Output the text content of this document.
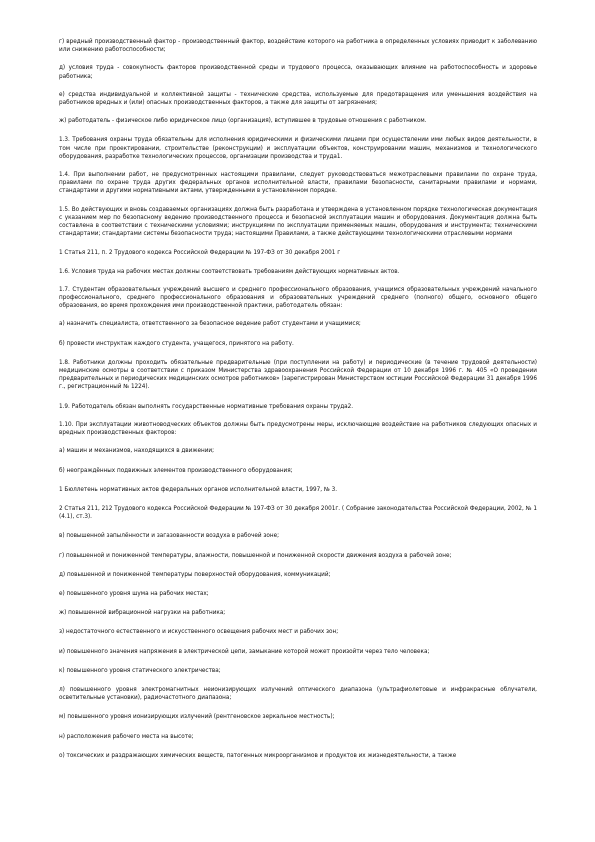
г) вредный производственный фактор - производственный фактор, воздействие которого на работника в определенных условиях приводит к заболеванию или снижению работоспособности;

д) условия труда - совокупность факторов производственной среды и трудового процесса, оказывающих влияние на работоспособность и здоровье работника;

е) средства индивидуальной и коллективной защиты - технические средства, используемые для предотвращения или уменьшения воздействия на работников вредных и (или) опасных производственных факторов, а также для защиты от загрязнения;

ж) работодатель - физическое либо юридическое лицо (организация), вступившее в трудовые отношения с работником.

1.3. Требования охраны труда обязательны для исполнения юридическими и физическими лицами при осуществлении ими любых видов деятельности, в том числе при проектировании, строительстве (реконструкции) и эксплуатации объектов, конструировании машин, механизмов и технологического оборудования, разработке технологических процессов, организации производства и труда1.

1.4. При выполнении работ, не предусмотренных настоящими правилами, следует руководствоваться межотраслевыми правилами по охране труда, правилами по охране труда других федеральных органов исполнительной власти, правилами безопасности, санитарными правилами и нормами, стандартами и другими нормативными актами, утвержденными в установленном порядке.

1.5. Во действующих и вновь создаваемых организациях должна быть разработана и утверждена в установленном порядке технологическая документация с указанием мер по безопасному ведению производственного процесса и безопасной эксплуатации машин и оборудования. Документация должна быть составлена в соответствии с техническими условиями; инструкциями по эксплуатации применяемых машин, оборудования и инструмента; техническими стандартами; стандартами системы безопасности труда; настоящими Правилами, а также действующими технологическими отраслевыми нормами

1 Статья 211, п. 2 Трудового кодекса Российской Федерации № 197-ФЗ от 30 декабря 2001 г

1.6. Условия труда на рабочих местах должны соответствовать требованиям действующих нормативных актов.

1.7. Студентам образовательных учреждений высшего и среднего профессионального образования, учащимся образовательных учреждений начального профессионального, среднего профессионального образования и образовательных учреждений среднего (полного) общего, основного общего образования, во время прохождения ими производственной практики, работодатель обязан:

а) назначить специалиста, ответственного за безопасное ведение работ студентами и учащимися;

б) провести инструктаж каждого студента, учащегося, принятого на работу.

1.8. Работники должны проходить обязательные предварительные (при поступлении на работу) и периодические (в течение трудовой деятельности) медицинские осмотры в соответствии с приказом Министерства здравоохранения Российской Федерации от 10 декабря 1996 г. № 405 «О проведении предварительных и периодических медицинских осмотров работников» (зарегистрирован Министерством юстиции Российской Федерации 31 декабря 1996 г., регистрационный № 1224).

1.9. Работодатель обязан выполнять государственные нормативные требования охраны труда2.

1.10. При эксплуатации животноводческих объектов должны быть предусмотрены меры, исключающие воздействие на работников следующих опасных и вредных производственных факторов:

а) машин и механизмов, находящихся в движении;

б) неограждённых подвижных элементов производственного оборудования;

1 Бюллетень нормативных актов федеральных органов исполнительной власти, 1997, № 3.

2 Статья 211, 212 Трудового кодекса Российской Федерации № 197-ФЗ от 30 декабря 2001г. ( Собрание законодательства Российской Федерации, 2002, № 1 (4.1), ст.3).

в) повышенной запылённости и загазованности воздуха в рабочей зоне;

г) повышенной и пониженной температуры, влажности, повышенной и пониженной скорости движения воздуха в рабочей зоне;

д) повышенной и пониженной температуры поверхностей оборудования, коммуникаций;

е) повышенного уровня шума на рабочих местах;

ж) повышенной вибрационной нагрузки на работника;

з) недостаточного естественного и искусственного освещения рабочих мест и рабочих зон;

и) повышенного значения напряжения в электрической цепи, замыкание которой может произойти через тело человека;

к) повышенного уровня статического электричества;

л) повышенного уровня электромагнитных неионизирующих излучений оптического диапазона (ультрафиолетовые и инфракрасные облучатели, осветительные установки), радиочастотного диапазона;

м) повышенного уровня ионизирующих излучений (рентгеновское зеркальное местность);

н) расположения рабочего места на высоте;

о) токсических и раздражающих химических веществ, патогенных микроорганизмов и продуктов их жизнедеятельности, а также
